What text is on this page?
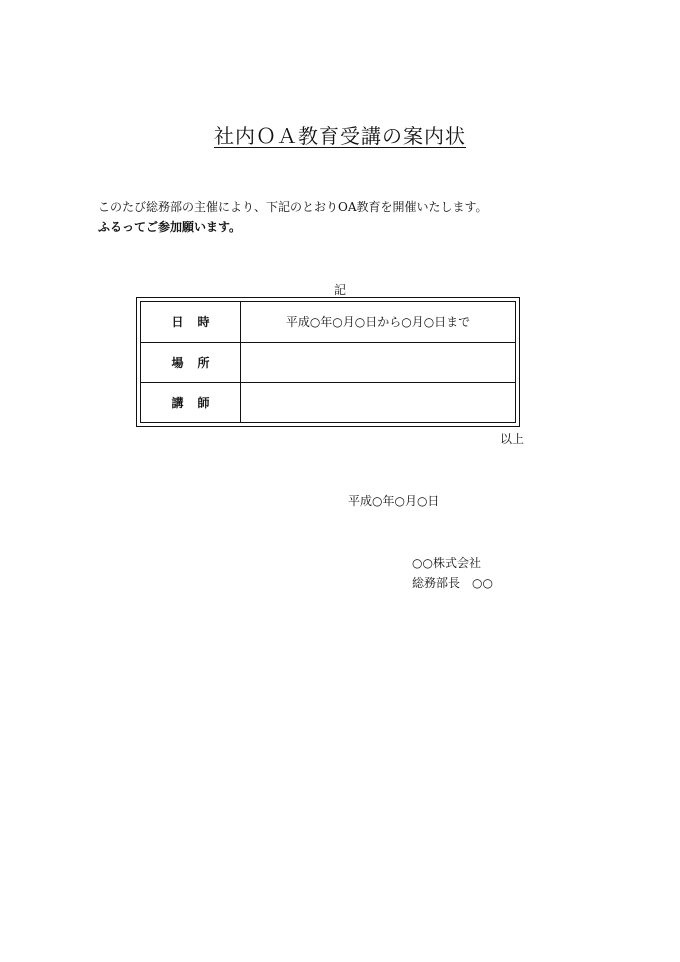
社内ＯＡ教育受講の案内状
このたび総務部の主催により、下記のとおりOA教育を開催いたします。
ふるってご参加願います。
記
日時	平成○年○月○日から○月○日まで
場所
講師
以上
平成○年○月○日
○○株式会社
総務部長　○○
